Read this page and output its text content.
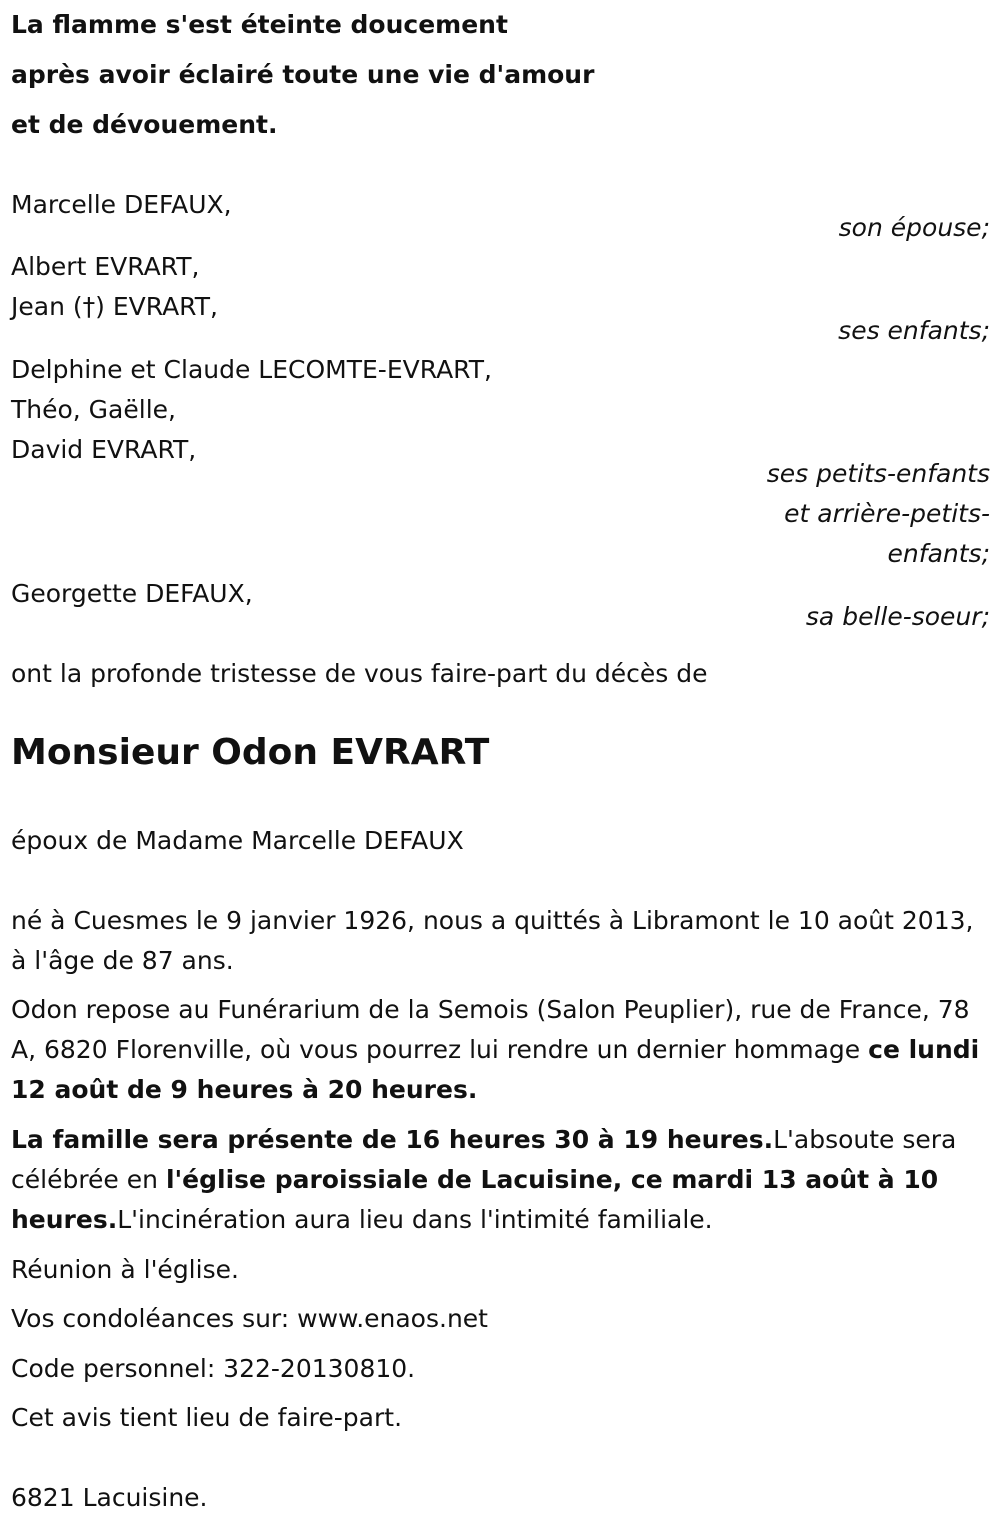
La flamme s'est éteinte doucement

après avoir éclairé toute une vie d'amour

et de dévouement.

Marcelle DEFAUX,

son épouse;

Albert EVRART,

Jean (†) EVRART,

ses enfants;

Delphine et Claude LECOMTE-EVRART,

Théo, Gaëlle,

David EVRART,

ses petits-enfants

et arrière-petits-

enfants;

Georgette DEFAUX,

sa belle-soeur;

ont la profonde tristesse de vous faire-part du décès de

Monsieur Odon EVRART

époux de Madame Marcelle DEFAUX

né à Cuesmes le 9 janvier 1926, nous a quittés à Libramont le 10 août 2013, à l'âge de 87 ans.

Odon repose au Funérarium de la Semois (Salon Peuplier), rue de France, 78 A, 6820 Florenville, où vous pourrez lui rendre un dernier hommage ce lundi 12 août de 9 heures à 20 heures.

La famille sera présente de 16 heures 30 à 19 heures.L'absoute sera célébrée en l'église paroissiale de Lacuisine, ce mardi 13 août à 10 heures.L'incinération aura lieu dans l'intimité familiale.

Réunion à l'église.

Vos condoléances sur: www.enaos.net

Code personnel: 322-20130810.

Cet avis tient lieu de faire-part.

6821 Lacuisine.
